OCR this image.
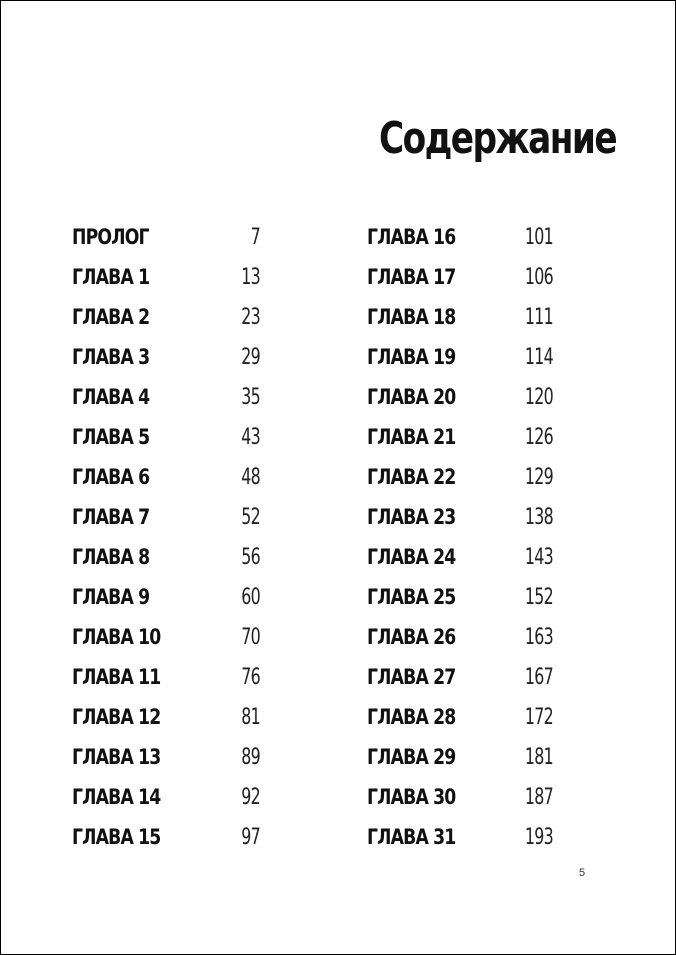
Содержание
ПРОЛОГ	7
ГЛАВА 1	13
ГЛАВА 2	23
ГЛАВА 3	29
ГЛАВА 4	35
ГЛАВА 5	43
ГЛАВА 6	48
ГЛАВА 7	52
ГЛАВА 8	56
ГЛАВА 9	60
ГЛАВА 10	70
ГЛАВА 11	76
ГЛАВА 12	81
ГЛАВА 13	89
ГЛАВА 14	92
ГЛАВА 15	97
ГЛАВА 16	101
ГЛАВА 17	106
ГЛАВА 18	111
ГЛАВА 19	114
ГЛАВА 20	120
ГЛАВА 21	126
ГЛАВА 22	129
ГЛАВА 23	138
ГЛАВА 24	143
ГЛАВА 25	152
ГЛАВА 26	163
ГЛАВА 27	167
ГЛАВА 28	172
ГЛАВА 29	181
ГЛАВА 30	187
ГЛАВА 31	193
5
